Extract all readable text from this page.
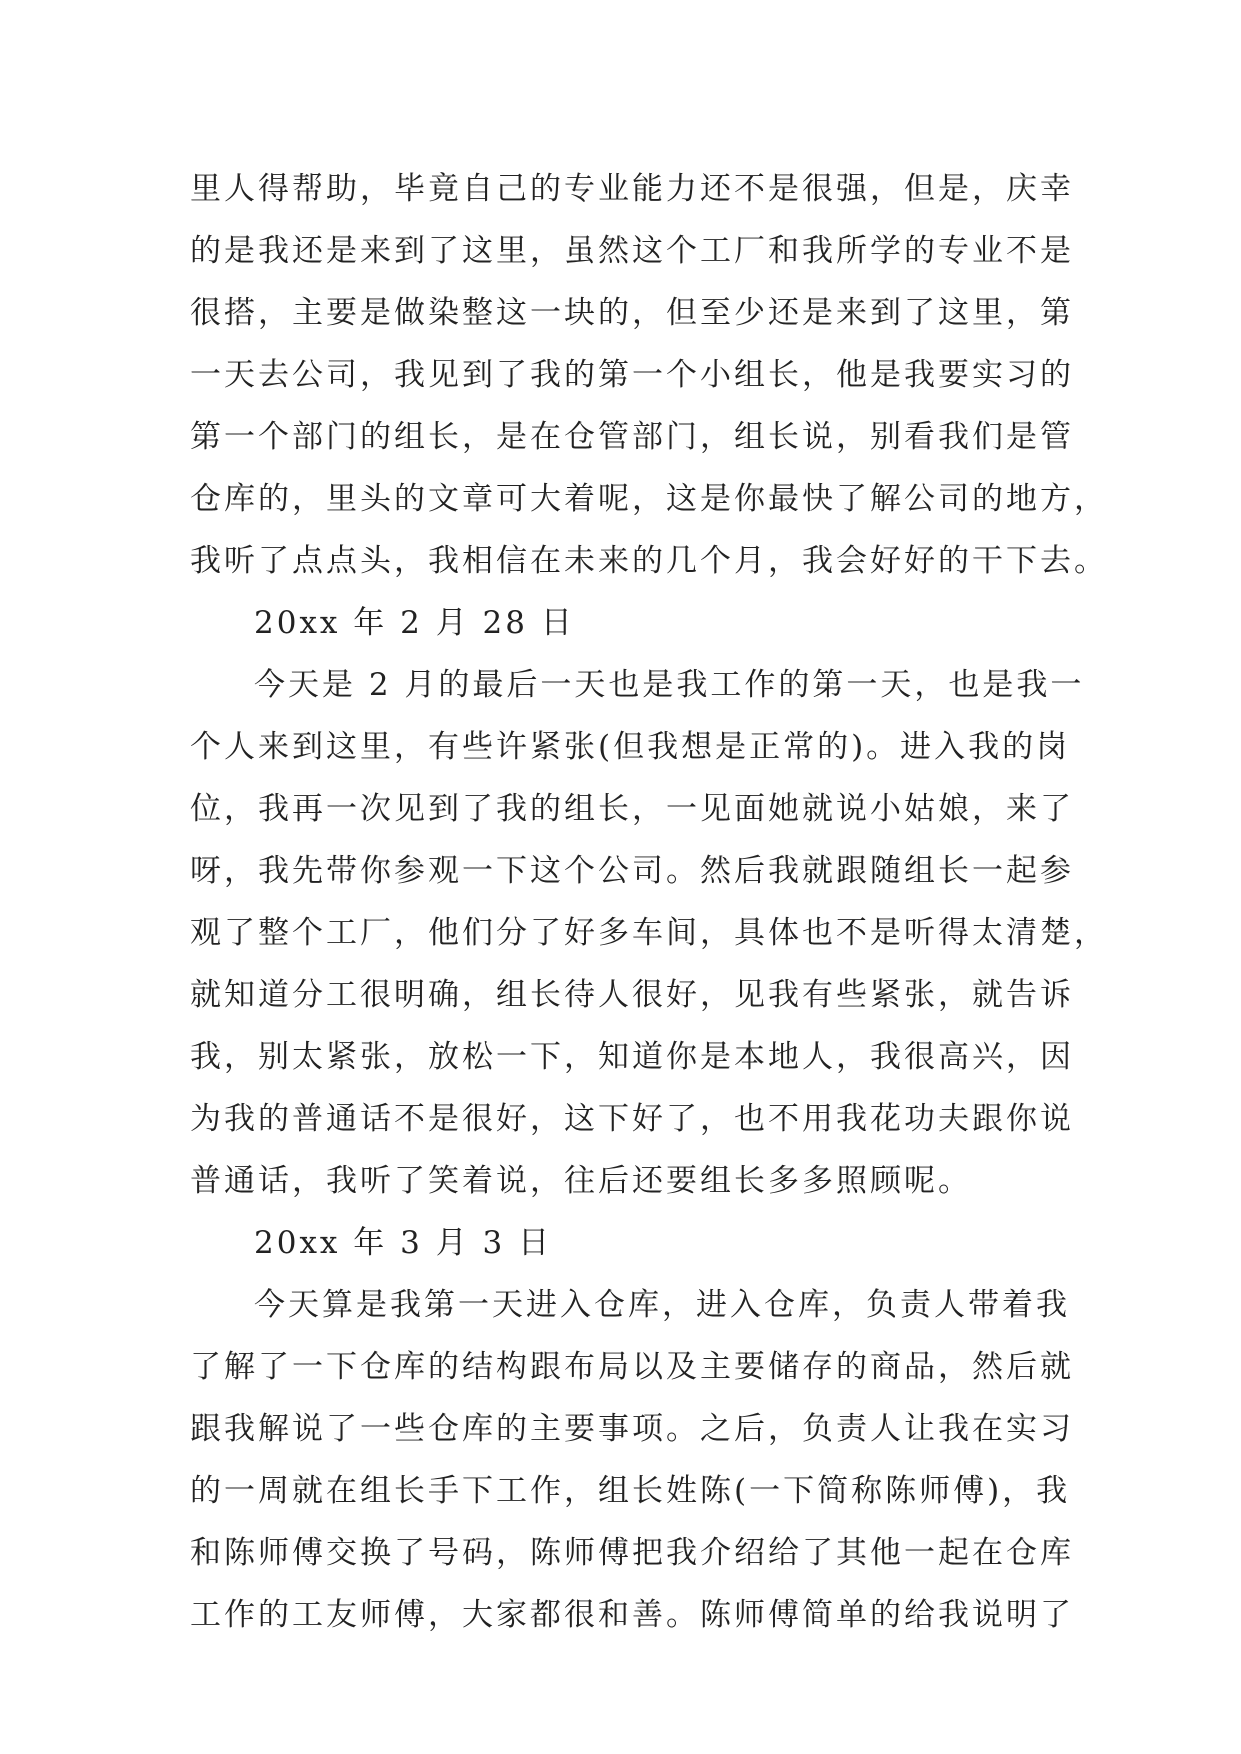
里人得帮助，毕竟自己的专业能力还不是很强，但是，庆幸
的是我还是来到了这里，虽然这个工厂和我所学的专业不是
很搭，主要是做染整这一块的，但至少还是来到了这里，第
一天去公司，我见到了我的第一个小组长，他是我要实习的
第一个部门的组长，是在仓管部门，组长说，别看我们是管
仓库的，里头的文章可大着呢，这是你最快了解公司的地方，
我听了点点头，我相信在未来的几个月，我会好好的干下去。
20xx 年 2 月 28 日
今天是 2 月的最后一天也是我工作的第一天，也是我一
个人来到这里，有些许紧张(但我想是正常的)。进入我的岗
位，我再一次见到了我的组长，一见面她就说小姑娘，来了
呀，我先带你参观一下这个公司。然后我就跟随组长一起参
观了整个工厂，他们分了好多车间，具体也不是听得太清楚，
就知道分工很明确，组长待人很好，见我有些紧张，就告诉
我，别太紧张，放松一下，知道你是本地人，我很高兴，因
为我的普通话不是很好，这下好了，也不用我花功夫跟你说
普通话，我听了笑着说，往后还要组长多多照顾呢。
20xx 年 3 月 3 日
今天算是我第一天进入仓库，进入仓库，负责人带着我
了解了一下仓库的结构跟布局以及主要储存的商品，然后就
跟我解说了一些仓库的主要事项。之后，负责人让我在实习
的一周就在组长手下工作，组长姓陈(一下简称陈师傅)，我
和陈师傅交换了号码，陈师傅把我介绍给了其他一起在仓库
工作的工友师傅，大家都很和善。陈师傅简单的给我说明了
